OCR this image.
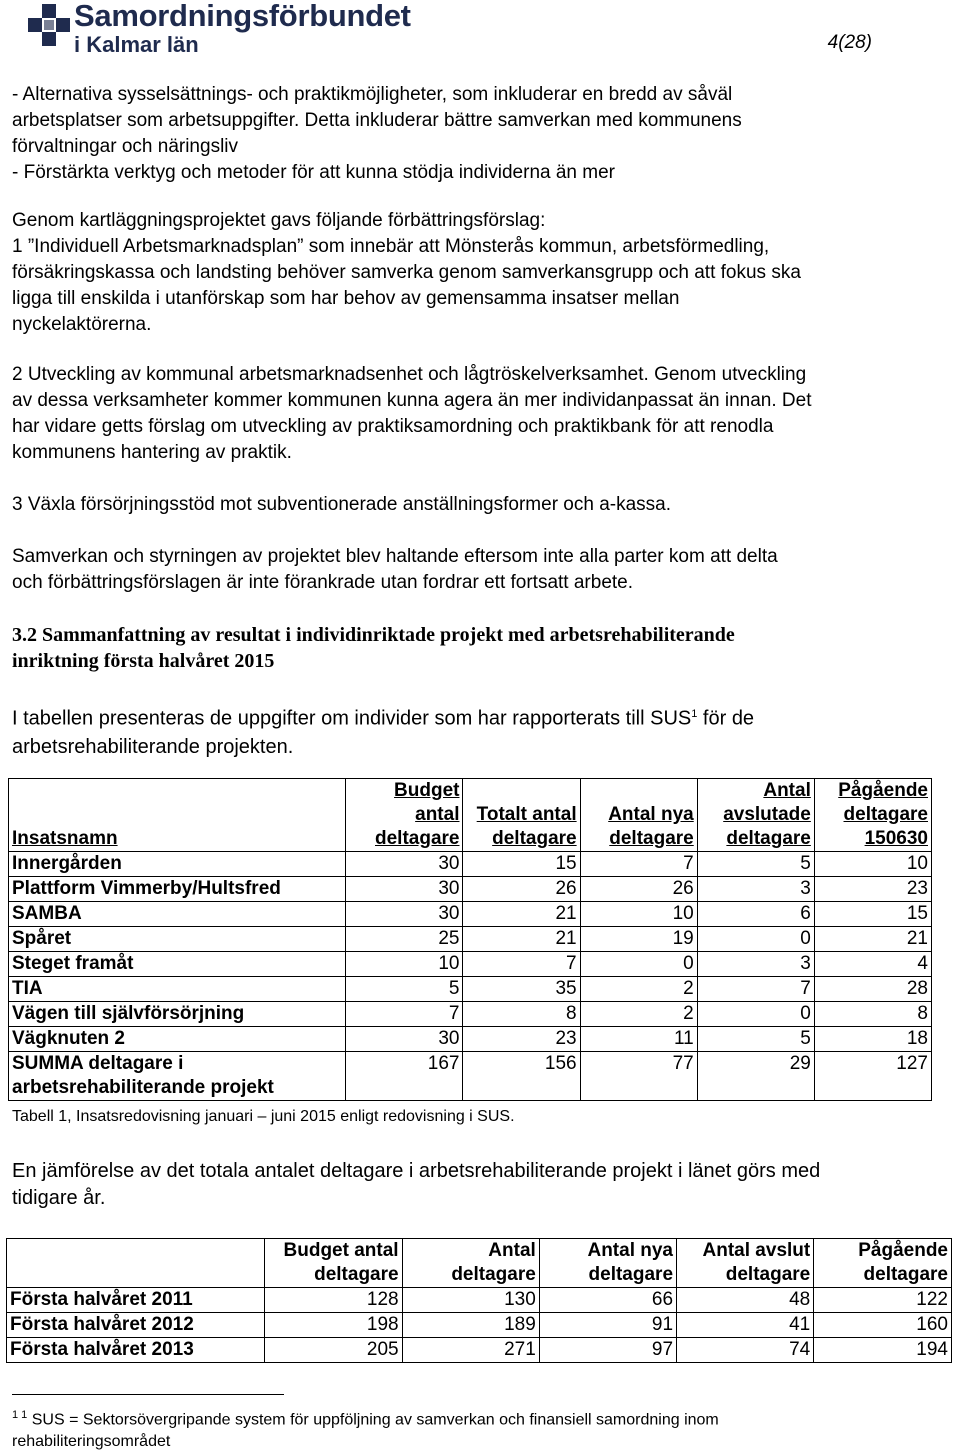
Samordningsförbundet
i Kalmar län	4(28)
- Alternativa sysselsättnings- och praktikmöjligheter, som inkluderar en bredd av såväl
arbetsplatser som arbetsuppgifter. Detta inkluderar bättre samverkan med kommunens
förvaltningar och näringsliv
- Förstärkta verktyg och metoder för att kunna stödja individerna än mer
Genom kartläggningsprojektet gavs följande förbättringsförslag:
1 ”Individuell Arbetsmarknadsplan” som innebär att Mönsterås kommun, arbetsförmedling,
försäkringskassa och landsting behöver samverka genom samverkansgrupp och att fokus ska
ligga till enskilda i utanförskap som har behov av gemensamma insatser mellan
nyckelaktörerna.
2 Utveckling av kommunal arbetsmarknadsenhet och lågtröskelverksamhet. Genom utveckling
av dessa verksamheter kommer kommunen kunna agera än mer individanpassat än innan. Det
har vidare getts förslag om utveckling av praktiksamordning och praktikbank för att renodla
kommunens hantering av praktik.
3 Växla försörjningsstöd mot subventionerade anställningsformer och a-kassa.
Samverkan och styrningen av projektet blev haltande eftersom inte alla parter kom att delta
och förbättringsförslagen är inte förankrade utan fordrar ett fortsatt arbete.
3.2 Sammanfattning av resultat i individinriktade projekt med arbetsrehabiliterande
inriktning första halvåret 2015
I tabellen presenteras de uppgifter om individer som har rapporterats till SUS$^1$ för de
arbetsrehabiliterande projekten.
Insatsnamn	Budget antal deltagare	Totalt antal deltagare	Antal nya deltagare	Antal avslutade deltagare	Pågående deltagare 150630
Innergården	30	15	7	5	10
Plattform Vimmerby/Hultsfred	30	26	26	3	23
SAMBA	30	21	10	6	15
Spåret	25	21	19	0	21
Steget framåt	10	7	0	3	4
TIA	5	35	2	7	28
Vägen till självförsörjning	7	8	2	0	8
Vägknuten 2	30	23	11	5	18
SUMMA deltagare i arbetsrehabiliterande projekt	167	156	77	29	127
Tabell 1, Insatsredovisning januari – juni 2015 enligt redovisning i SUS.
En jämförelse av det totala antalet deltagare i arbetsrehabiliterande projekt i länet görs med
tidigare år.
	Budget antal deltagare	Antal deltagare	Antal nya deltagare	Antal avslut deltagare	Pågående deltagare
Första halvåret 2011	128	130	66	48	122
Första halvåret 2012	198	189	91	41	160
Första halvåret 2013	205	271	97	74	194
$^{1 1}$ SUS = Sektorsövergripande system för uppföljning av samverkan och finansiell samordning inom
rehabiliteringsområdet
